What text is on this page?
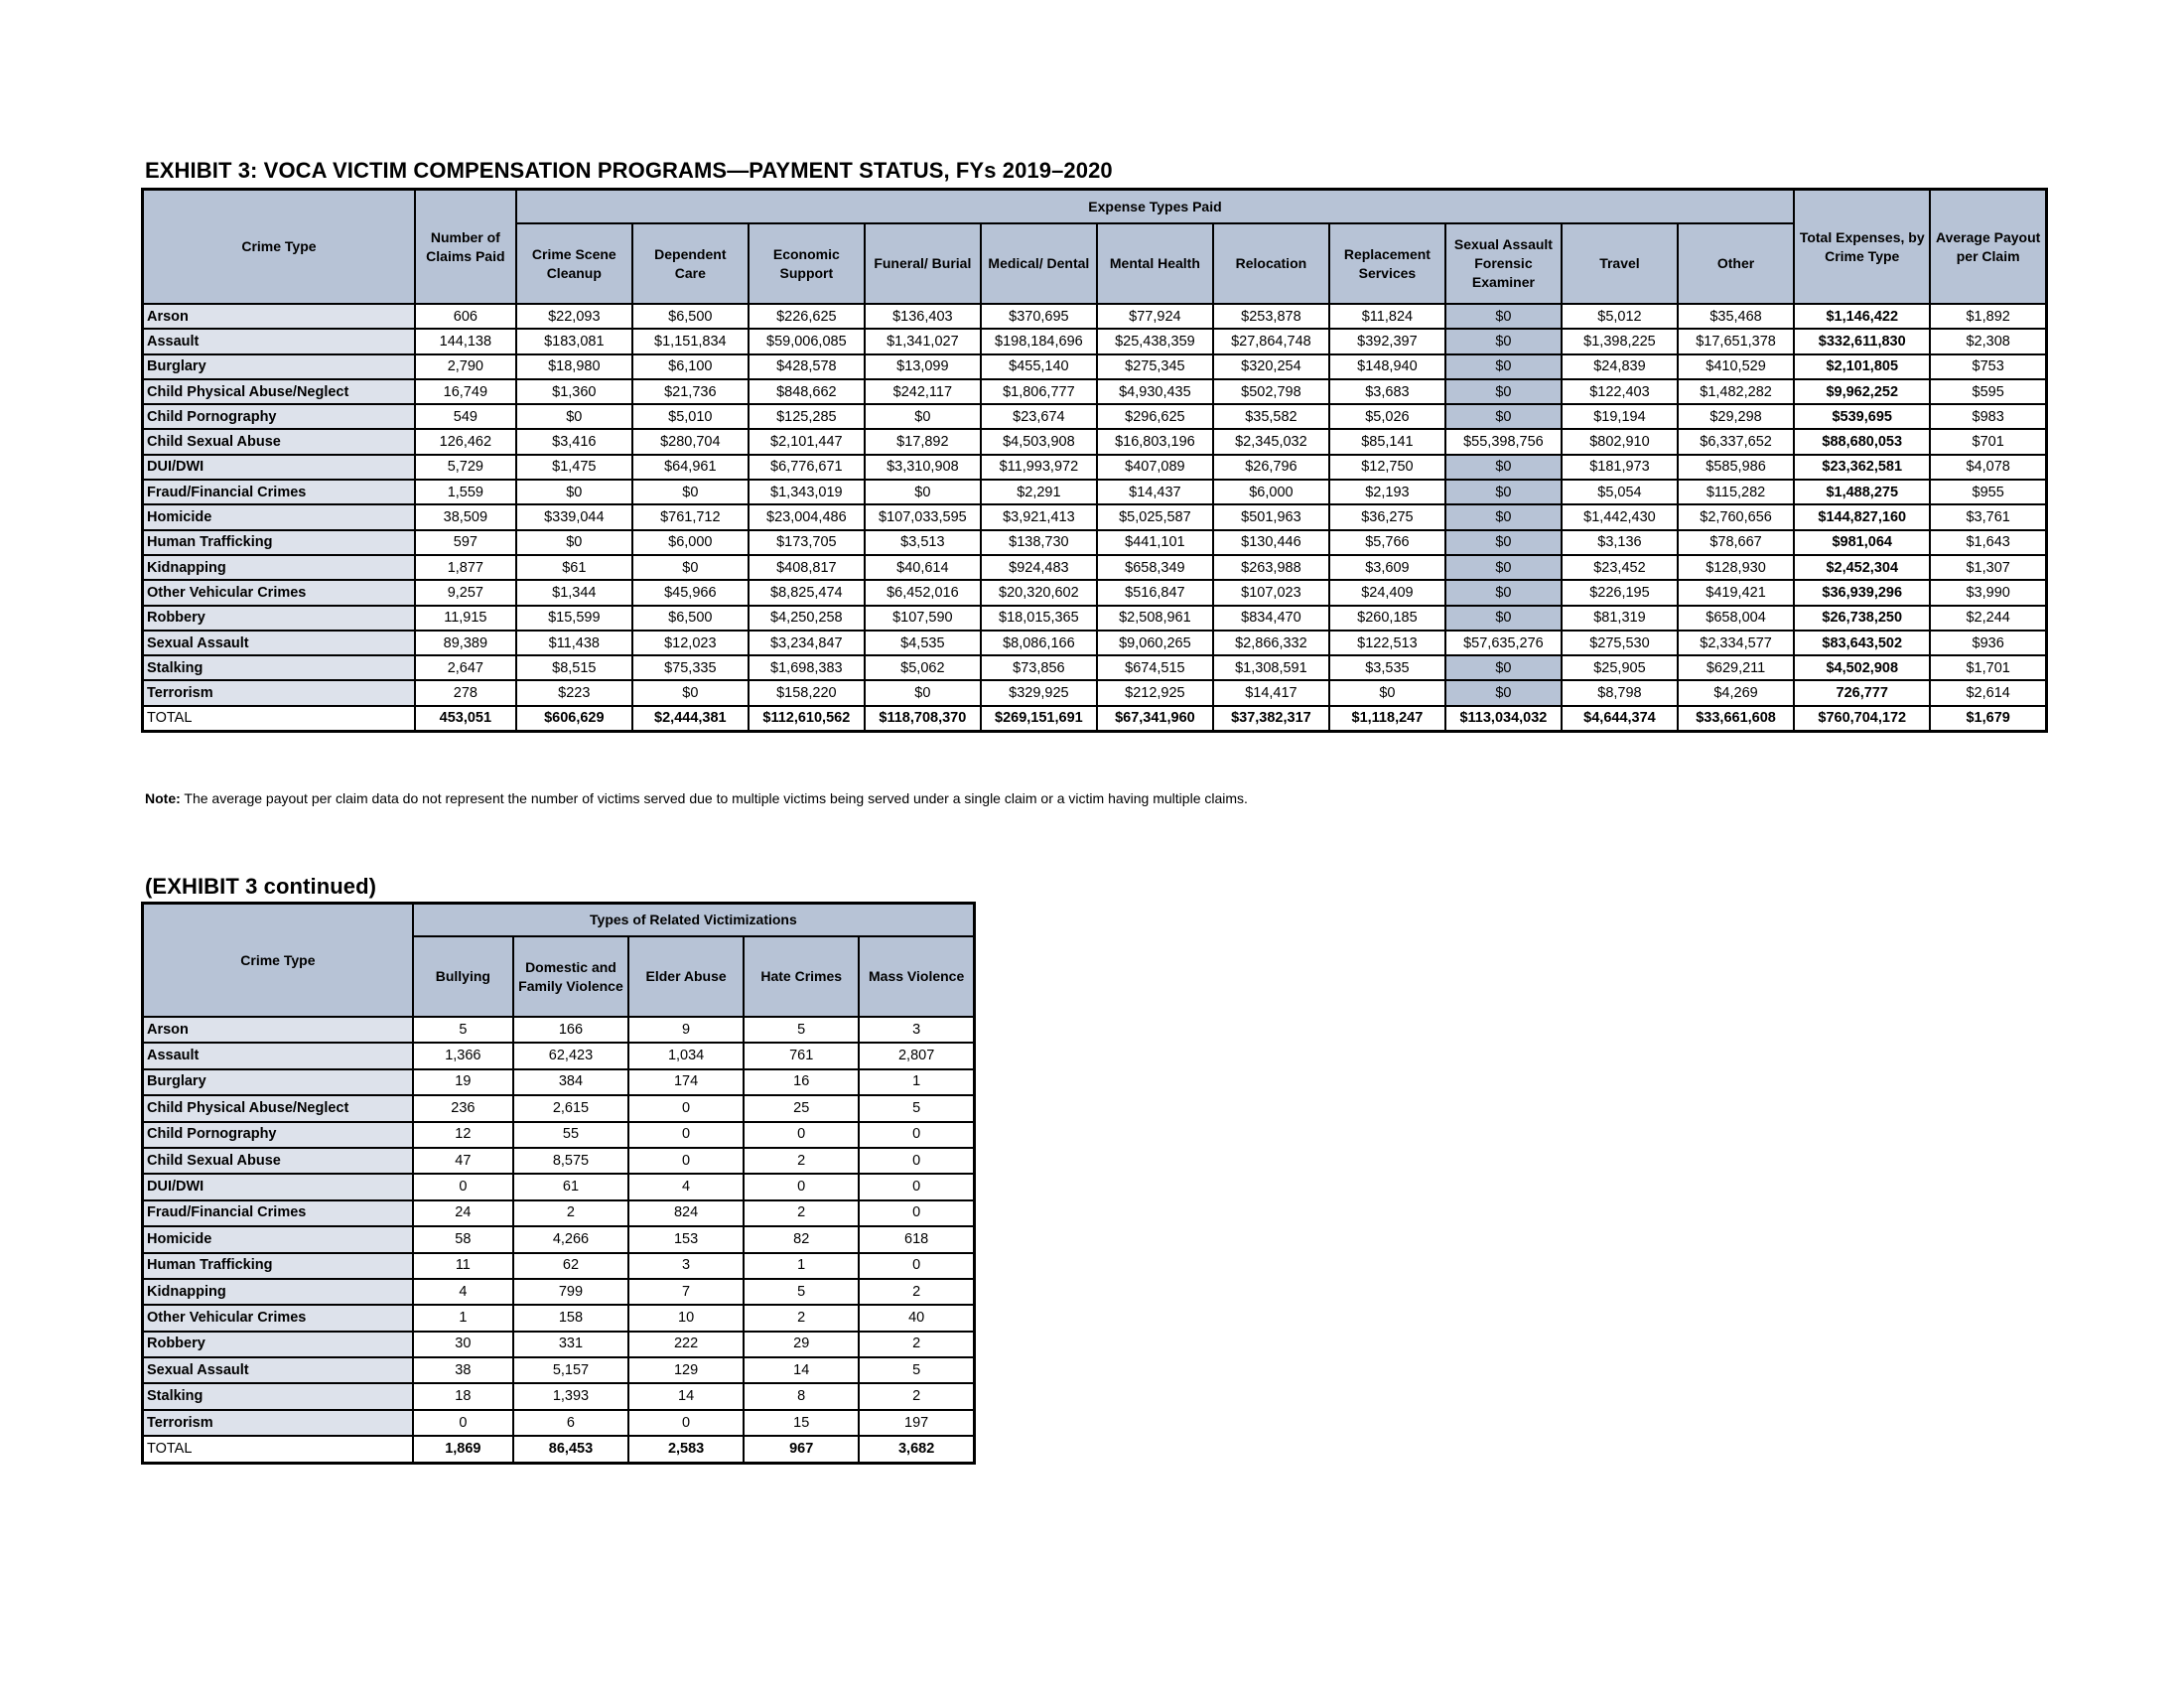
EXHIBIT 3: VOCA VICTIM COMPENSATION PROGRAMS—PAYMENT STATUS, FYs 2019–2020
Crime Type	Number of Claims Paid	Expense Types Paid											Total Expenses, by Crime Type	Average Payout per Claim
		Crime Scene Cleanup	Dependent Care	Economic Support	Funeral/ Burial	Medical/ Dental	Mental Health	Relocation	Replacement Services	Sexual Assault Forensic Examiner	Travel	Other		
Arson	606	$22,093	$6,500	$226,625	$136,403	$370,695	$77,924	$253,878	$11,824	$0	$5,012	$35,468	$1,146,422	$1,892
Assault	144,138	$183,081	$1,151,834	$59,006,085	$1,341,027	$198,184,696	$25,438,359	$27,864,748	$392,397	$0	$1,398,225	$17,651,378	$332,611,830	$2,308
Burglary	2,790	$18,980	$6,100	$428,578	$13,099	$455,140	$275,345	$320,254	$148,940	$0	$24,839	$410,529	$2,101,805	$753
Child Physical Abuse/Neglect	16,749	$1,360	$21,736	$848,662	$242,117	$1,806,777	$4,930,435	$502,798	$3,683	$0	$122,403	$1,482,282	$9,962,252	$595
Child Pornography	549	$0	$5,010	$125,285	$0	$23,674	$296,625	$35,582	$5,026	$0	$19,194	$29,298	$539,695	$983
Child Sexual Abuse	126,462	$3,416	$280,704	$2,101,447	$17,892	$4,503,908	$16,803,196	$2,345,032	$85,141	$55,398,756	$802,910	$6,337,652	$88,680,053	$701
DUI/DWI	5,729	$1,475	$64,961	$6,776,671	$3,310,908	$11,993,972	$407,089	$26,796	$12,750	$0	$181,973	$585,986	$23,362,581	$4,078
Fraud/Financial Crimes	1,559	$0	$0	$1,343,019	$0	$2,291	$14,437	$6,000	$2,193	$0	$5,054	$115,282	$1,488,275	$955
Homicide	38,509	$339,044	$761,712	$23,004,486	$107,033,595	$3,921,413	$5,025,587	$501,963	$36,275	$0	$1,442,430	$2,760,656	$144,827,160	$3,761
Human Trafficking	597	$0	$6,000	$173,705	$3,513	$138,730	$441,101	$130,446	$5,766	$0	$3,136	$78,667	$981,064	$1,643
Kidnapping	1,877	$61	$0	$408,817	$40,614	$924,483	$658,349	$263,988	$3,609	$0	$23,452	$128,930	$2,452,304	$1,307
Other Vehicular Crimes	9,257	$1,344	$45,966	$8,825,474	$6,452,016	$20,320,602	$516,847	$107,023	$24,409	$0	$226,195	$419,421	$36,939,296	$3,990
Robbery	11,915	$15,599	$6,500	$4,250,258	$107,590	$18,015,365	$2,508,961	$834,470	$260,185	$0	$81,319	$658,004	$26,738,250	$2,244
Sexual Assault	89,389	$11,438	$12,023	$3,234,847	$4,535	$8,086,166	$9,060,265	$2,866,332	$122,513	$57,635,276	$275,530	$2,334,577	$83,643,502	$936
Stalking	2,647	$8,515	$75,335	$1,698,383	$5,062	$73,856	$674,515	$1,308,591	$3,535	$0	$25,905	$629,211	$4,502,908	$1,701
Terrorism	278	$223	$0	$158,220	$0	$329,925	$212,925	$14,417	$0	$0	$8,798	$4,269	726,777	$2,614
TOTAL	453,051	$606,629	$2,444,381	$112,610,562	$118,708,370	$269,151,691	$67,341,960	$37,382,317	$1,118,247	$113,034,032	$4,644,374	$33,661,608	$760,704,172	$1,679
Note: The average payout per claim data do not represent the number of victims served due to multiple victims being served under a single claim or a victim having multiple claims.
(EXHIBIT 3 continued)
Crime Type	Types of Related Victimizations				
	Bullying	Domestic and Family Violence	Elder Abuse	Hate Crimes	Mass Violence
Arson	5	166	9	5	3
Assault	1,366	62,423	1,034	761	2,807
Burglary	19	384	174	16	1
Child Physical Abuse/Neglect	236	2,615	0	25	5
Child Pornography	12	55	0	0	0
Child Sexual Abuse	47	8,575	0	2	0
DUI/DWI	0	61	4	0	0
Fraud/Financial Crimes	24	2	824	2	0
Homicide	58	4,266	153	82	618
Human Trafficking	11	62	3	1	0
Kidnapping	4	799	7	5	2
Other Vehicular Crimes	1	158	10	2	40
Robbery	30	331	222	29	2
Sexual Assault	38	5,157	129	14	5
Stalking	18	1,393	14	8	2
Terrorism	0	6	0	15	197
TOTAL	1,869	86,453	2,583	967	3,682
